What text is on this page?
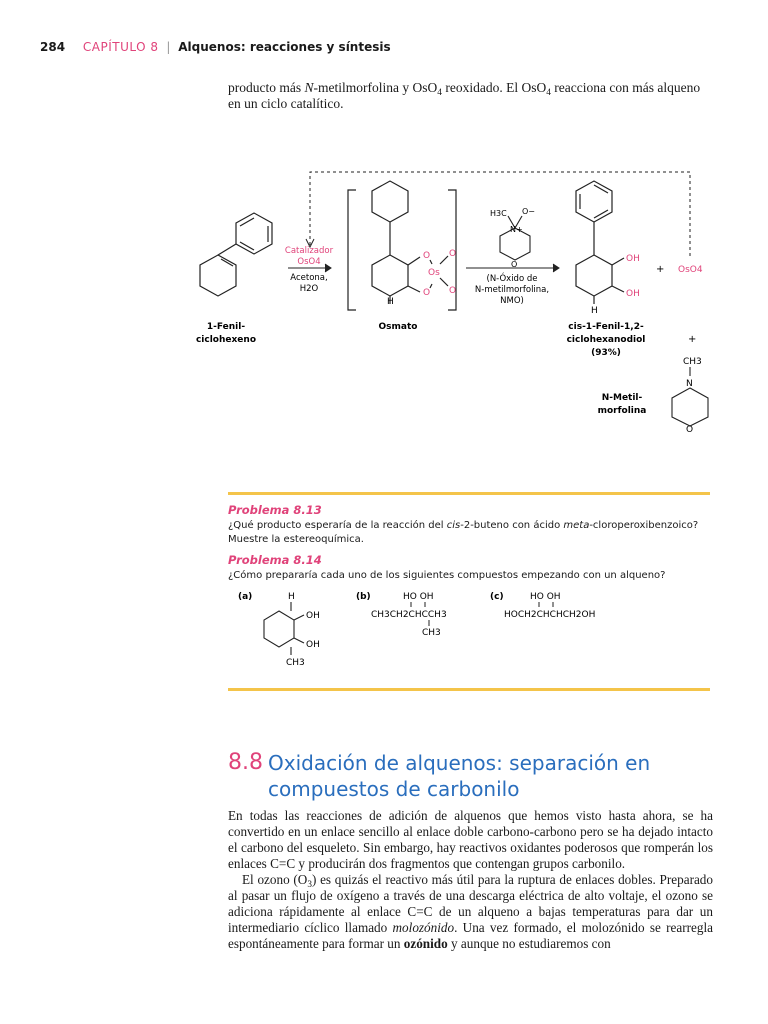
284 CAPÍTULO 8 | Alquenos: reacciones y síntesis
producto más N-metilmorfolina y OsO$_4$ reoxidado. El OsO$_4$ reacciona con más alqueno en un ciclo catalítico.
Catalizador
OsO4
Acetona,
H2O
O
O
Os
O
O
H
H3C O−
N+
O
(N-Óxido de
N-metilmorfolina,
NMO)
OH
OH
H
+ OsO4
1-Fenil-
ciclohexeno
Osmato	cis-1-Fenil-1,2-
ciclohexanodiol
(93%)
+
CH3
N
O
N-Metil-
morfolina
Problema 8.13
¿Qué producto esperaría de la reacción del cis-2-buteno con ácido meta-cloroperoxibenzoico? Muestre la estereoquímica.
Problema 8.14
¿Cómo prepararía cada uno de los siguientes compuestos empezando con un alqueno?
(a)	H
OH
OH
CH3
(b)	HO OH
CH3CH2CHCCH3
CH3
(c)	HO OH
HOCH2CHCHCH2OH
8.8 Oxidación de alquenos: separación en compuestos de carbonilo

En todas las reacciones de adición de alquenos que hemos visto hasta ahora, se ha convertido en un enlace sencillo al enlace doble carbono-carbono pero se ha dejado intacto el carbono del esqueleto. Sin embargo, hay reactivos oxidantes poderosos que romperán los enlaces C=C y producirán dos fragmentos que contengan grupos carbonilo.

El ozono $(O_3)$ es quizás el reactivo más útil para la ruptura de enlaces dobles. Preparado al pasar un flujo de oxígeno a través de una descarga eléctrica de alto voltaje, el ozono se adiciona rápidamente al enlace C=C de un alqueno a bajas temperaturas para dar un intermediario cíclico llamado molozónido. Una vez formado, el molozónido se rearregla espontáneamente para formar un ozónido y aunque no estudiaremos con
